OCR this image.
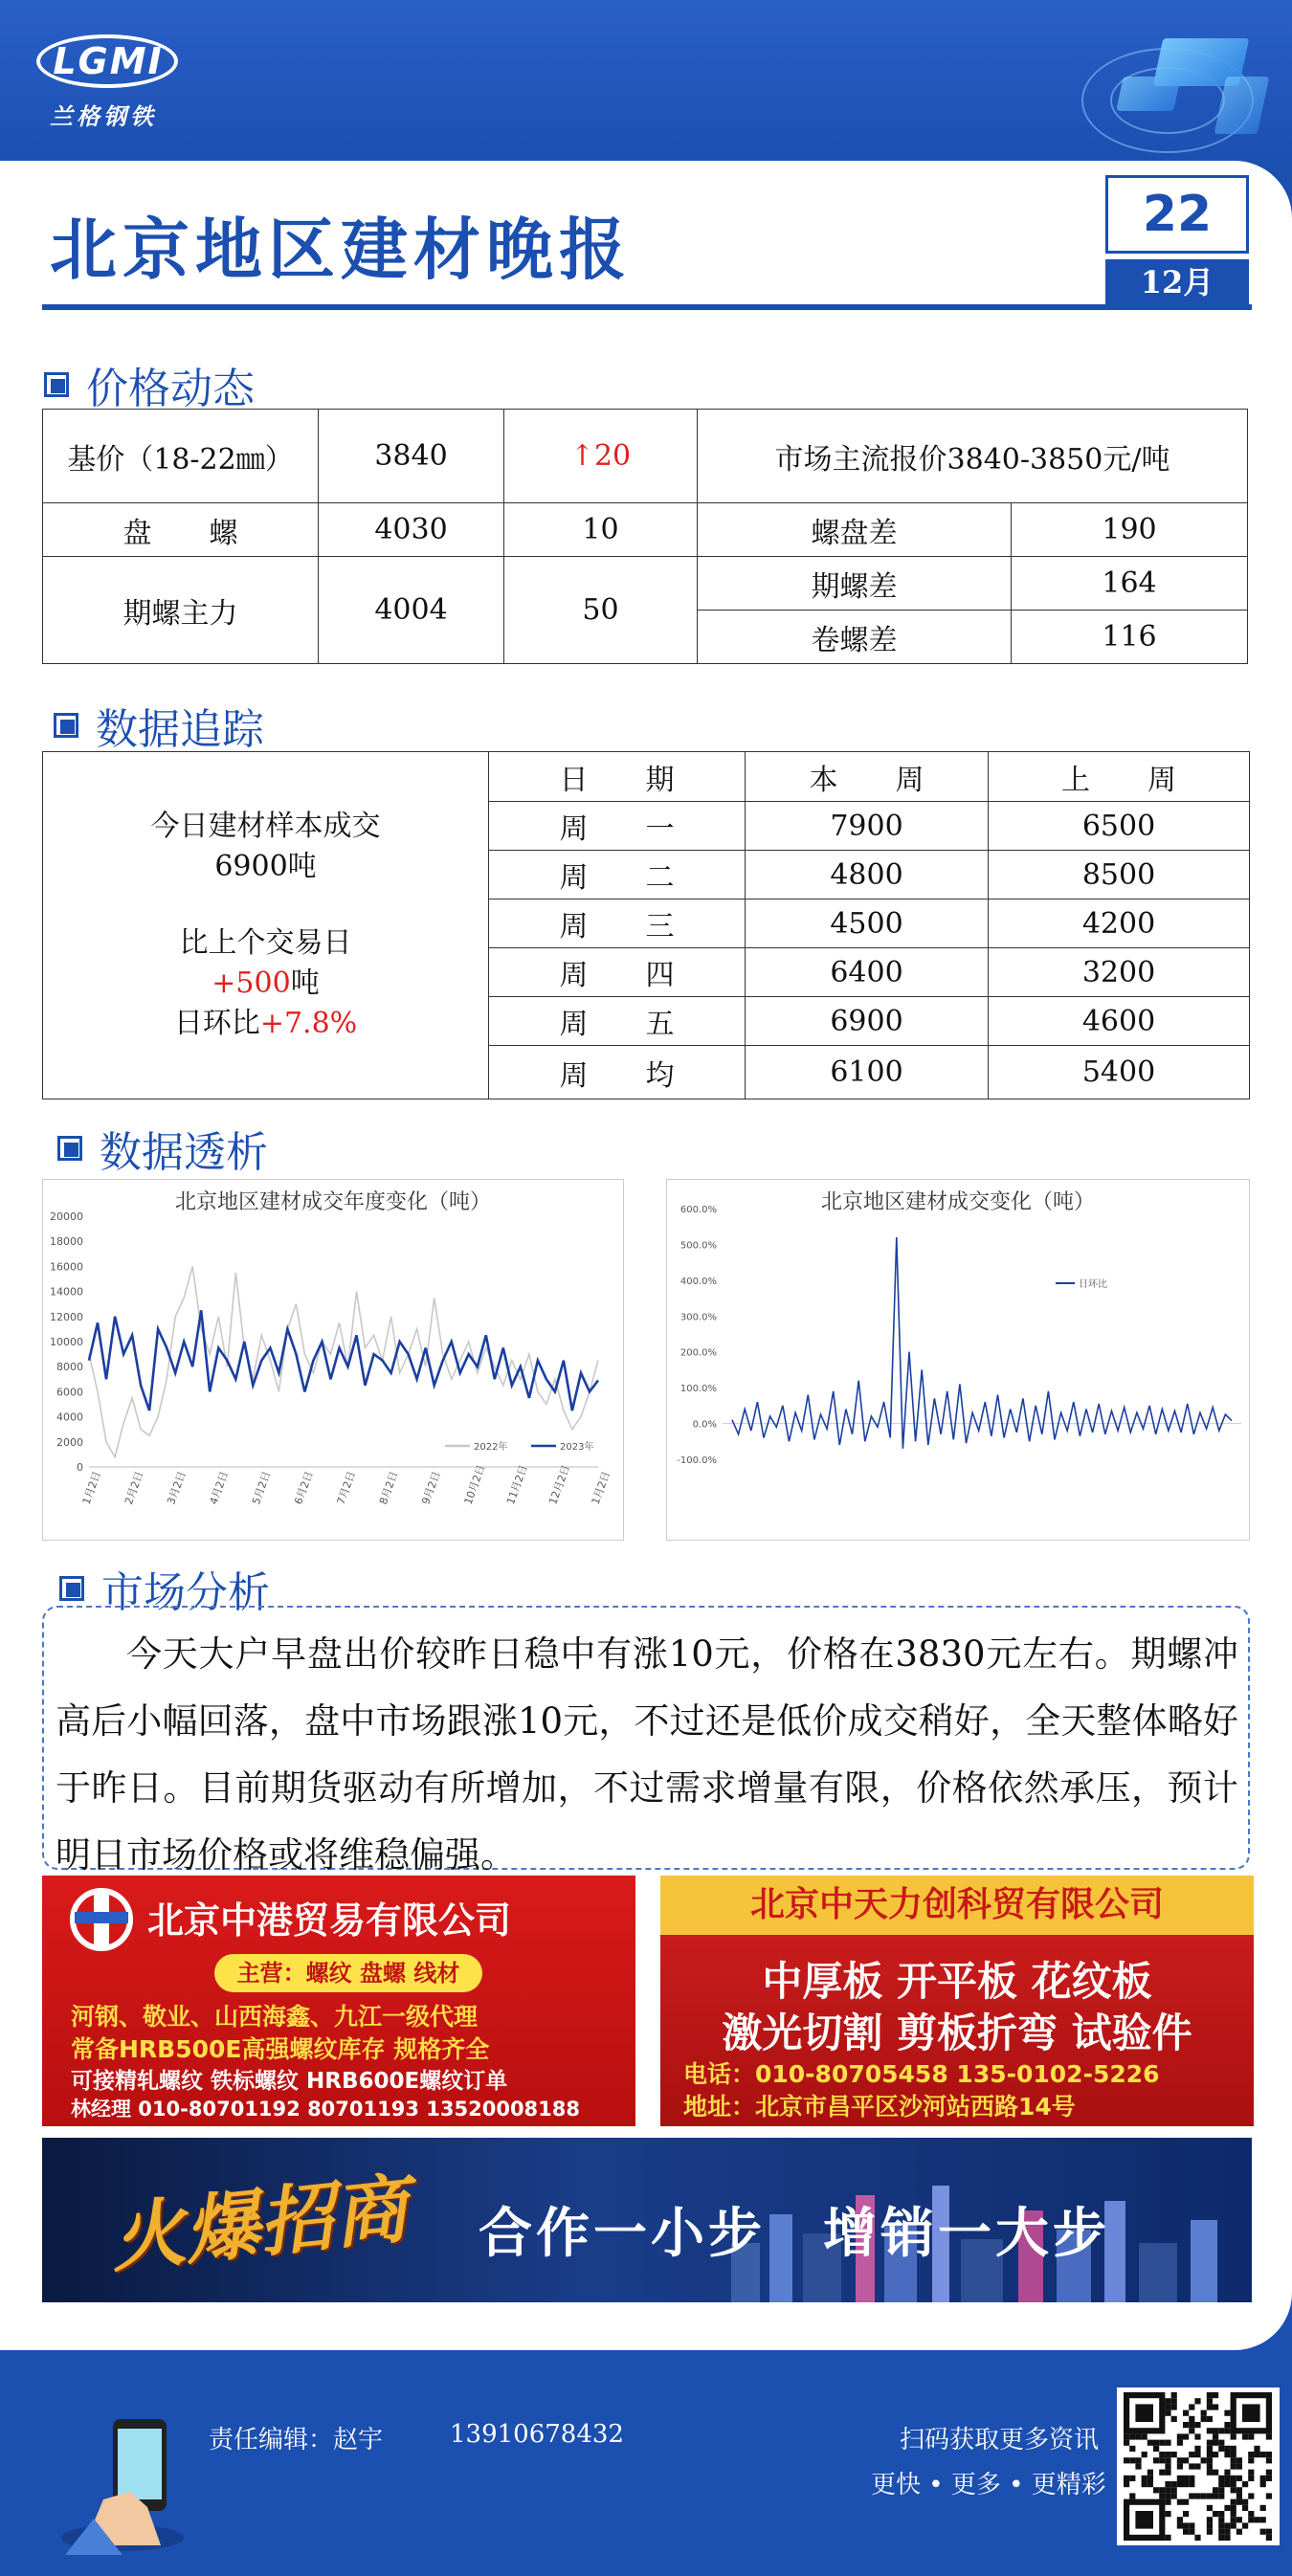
LGMI
兰格钢铁
北京地区建材晚报	22
12月
价格动态
基价（18-22㎜）	3840	↑20	市场主流报价3840-3850元/吨	
盘　　螺	4030	10	螺盘差	190
期螺主力	4004	50	期螺差	164
			卷螺差	116
数据追踪
今日建材样本成交
6900吨
比上个交易日
+500吨
日环比+7.8%	日　　期	本　　周	上　　周
	周　　一	7900	6500
	周　　二	4800	8500
	周　　三	4500	4200
	周　　四	6400	3200
	周　　五	6900	4600
	周　　均	6100	5400
数据透析
北京地区建材成交年度变化（吨）
0
2000
4000
6000
8000
10000
12000
14000
16000
18000
20000
1月2日 2月2日 3月2日 4月2日 5月2日 6月2日 7月2日 8月2日 9月2日 10月2日 11月2日 12月2日 1月2日
2022年	2023年
北京地区建材成交变化（吨）
-100.0%
0.0%
100.0%
200.0%
300.0%
400.0%
500.0%
600.0%
日环比
市场分析
今天大户早盘出价较昨日稳中有涨10元，价格在3830元左右。期螺冲高后小幅回落，盘中市场跟涨10元，不过还是低价成交稍好，全天整体略好于昨日。目前期货驱动有所增加，不过需求增量有限，价格依然承压，预计明日市场价格或将维稳偏强。
北京中港贸易有限公司
主营：螺纹 盘螺 线材
河钢、敬业、山西海鑫、九江一级代理
常备HRB500E高强螺纹库存 规格齐全
可接精轧螺纹 铁标螺纹 HRB600E螺纹订单
林经理 010-80701192 80701193 13520008188
北京中天力创科贸有限公司
中厚板 开平板 花纹板
激光切割 剪板折弯 试验件
电话：010-80705458 135-0102-5226
地址：北京市昌平区沙河站西路14号
火爆招商 合作一小步　增销一大步
责任编辑：赵宇	13910678432	扫码获取更多资讯
更快 • 更多 • 更精彩
